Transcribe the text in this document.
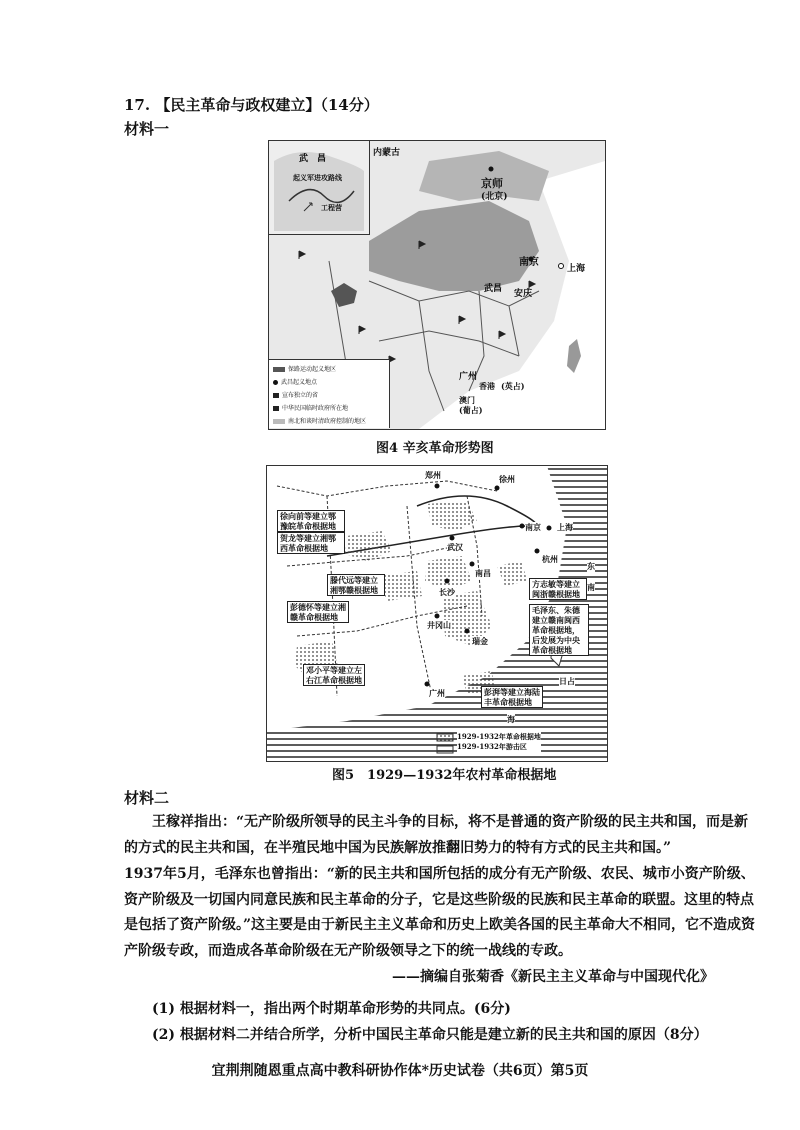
17. 【民主革命与政权建立】（14分）
材料一
武　昌
起义军进攻路线
工程营
内蒙古
京师
(北京)
南京
上海
武昌 安庆
广州
香港 (英占)
澳门
(葡占)
保路运动起义地区
武昌起义地点
宣布独立的省
中华民国临时政府所在地
南北和谈时清政府控制的地区
图4 辛亥革命形势图
郑州	徐州
南京 上海
杭州
武汉
南昌
长沙
井冈山
瑞金
广州
东
南
日占
海
徐向前等建立鄂豫皖革命根据地
贺龙等建立湘鄂西革命根据地
滕代远等建立湘鄂赣根据地
彭德怀等建立湘赣革命根据地
邓小平等建立左右江革命根据地
方志敏等建立闽浙赣根据地
毛泽东、朱德建立赣南闽西革命根据地，后发展为中央革命根据地
彭湃等建立海陆丰革命根据地
1929-1932年革命根据地
1929-1932年游击区
图5　1929—1932年农村革命根据地
材料二
王稼祥指出：“无产阶级所领导的民主斗争的目标，将不是普通的资产阶级的民主共和国，而是新的方式的民主共和国，在半殖民地中国为民族解放推翻旧势力的特有方式的民主共和国。”
1937年5月，毛泽东也曾指出：“新的民主共和国所包括的成分有无产阶级、农民、城市小资产阶级、资产阶级及一切国内同意民族和民主革命的分子，它是这些阶级的民族和民主革命的联盟。这里的特点是包括了资产阶级。”这主要是由于新民主主义革命和历史上欧美各国的民主革命大不相同，它不造成资产阶级专政，而造成各革命阶级在无产阶级领导之下的统一战线的专政。
——摘编自张菊香《新民主主义革命与中国现代化》
(1) 根据材料一，指出两个时期革命形势的共同点。(6分)
(2) 根据材料二并结合所学，分析中国民主革命只能是建立新的民主共和国的原因（8分）
宜荆荆随恩重点高中教科研协作体*历史试卷（共6页）第5页
